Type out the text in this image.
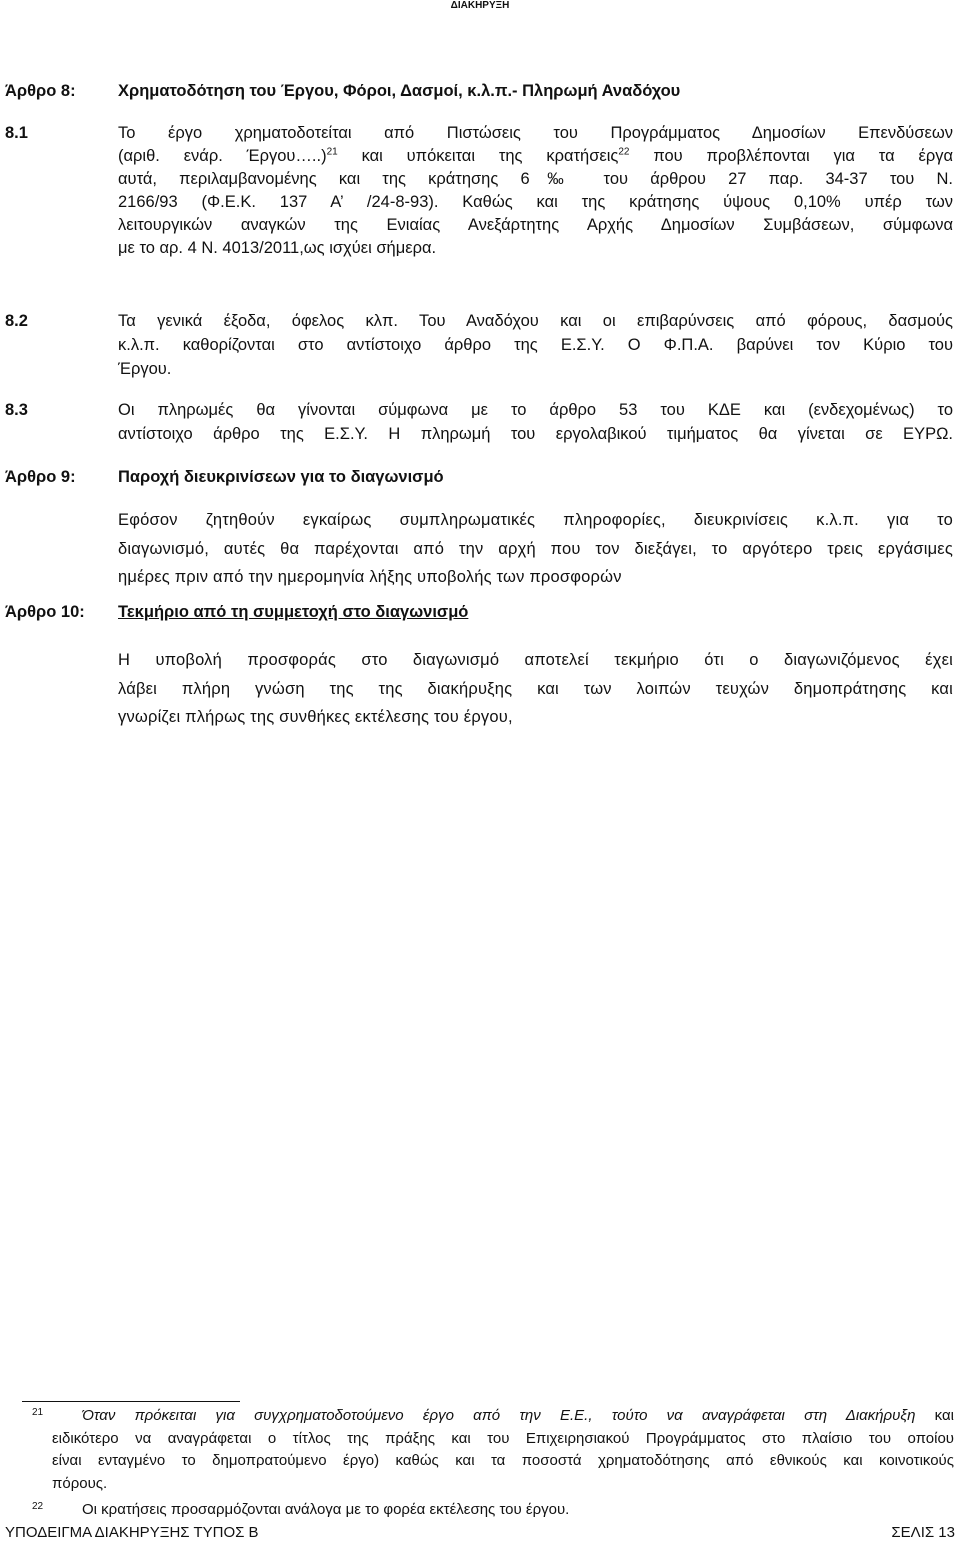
ΔΙΑΚΗΡΥΞΗ
Άρθρο 8:	Χρηματοδότηση του Έργου, Φόροι, Δασμοί, κ.λ.π.- Πληρωμή Αναδόχου
8.1	Το έργο χρηματοδοτείται από Πιστώσεις του Προγράμματος Δημοσίων Επενδύσεων
(αριθ. ενάρ. Έργου…..)$^{21}$ και υπόκειται της κρατήσεις$^{22}$ που προβλέπονται για τα έργα
αυτά, περιλαμβανομένης και της κράτησης 6‰ του άρθρου 27 παρ. 34-37 του Ν.
2166/93 (Φ.Ε.Κ. 137 Α’ /24-8-93). Καθώς και της κράτησης ύψους 0,10% υπέρ των
λειτουργικών αναγκών της Ενιαίας Ανεξάρτητης Αρχής Δημοσίων Συμβάσεων, σύμφωνα
με το αρ. 4 Ν. 4013/2011,ως ισχύει σήμερα.
8.2	Τα γενικά έξοδα, όφελος κλπ. Του Αναδόχου και οι επιβαρύνσεις από φόρους, δασμούς
κ.λ.π. καθορίζονται στο αντίστοιχο άρθρο της Ε.Σ.Υ. Ο Φ.Π.Α. βαρύνει τον Κύριο του
Έργου.
8.3	Οι πληρωμές θα γίνονται σύμφωνα με το άρθρο 53 του ΚΔΕ και (ενδεχομένως) το
αντίστοιχο άρθρο της Ε.Σ.Υ. Η πληρωμή του εργολαβικού τιμήματος θα γίνεται σε ΕΥΡΩ.
Άρθρο 9:	Παροχή διευκρινίσεων για το διαγωνισμό
Εφόσον ζητηθούν εγκαίρως συμπληρωματικές πληροφορίες, διευκρινίσεις κ.λ.π. για το
διαγωνισμό, αυτές θα παρέχονται από την αρχή που τον διεξάγει, το αργότερο τρεις εργάσιμες
ημέρες πριν από την ημερομηνία λήξης υποβολής των προσφορών
Άρθρο 10: Τεκμήριο από τη συμμετοχή στο διαγωνισμό
Η υποβολή προσφοράς στο διαγωνισμό αποτελεί τεκμήριο ότι ο διαγωνιζόμενος έχει
λάβει πλήρη γνώση της της διακήρυξης και των λοιπών τευχών δημοπράτησης και
γνωρίζει πλήρως της συνθήκες εκτέλεσης του έργου,
21	Όταν πρόκειται για συγχρηματοδοτούμενο έργο από την Ε.Ε., τούτο να αναγράφεται στη Διακήρυξη και
ειδικότερο να αναγράφεται ο τίτλος της πράξης και του Επιχειρησιακού Προγράμματος στο πλαίσιο του οποίου
είναι ενταγμένο το δημοπρατούμενο έργο) καθώς και τα ποσοστά χρηματοδότησης από εθνικούς και κοινοτικούς
πόρους.
22	Οι κρατήσεις προσαρμόζονται ανάλογα με το φορέα εκτέλεσης του έργου.
ΥΠΟΔΕΙΓΜΑ ΔΙΑΚΗΡΥΞΗΣ ΤΥΠΟΣ Β	ΣΕΛΙΣ 13
